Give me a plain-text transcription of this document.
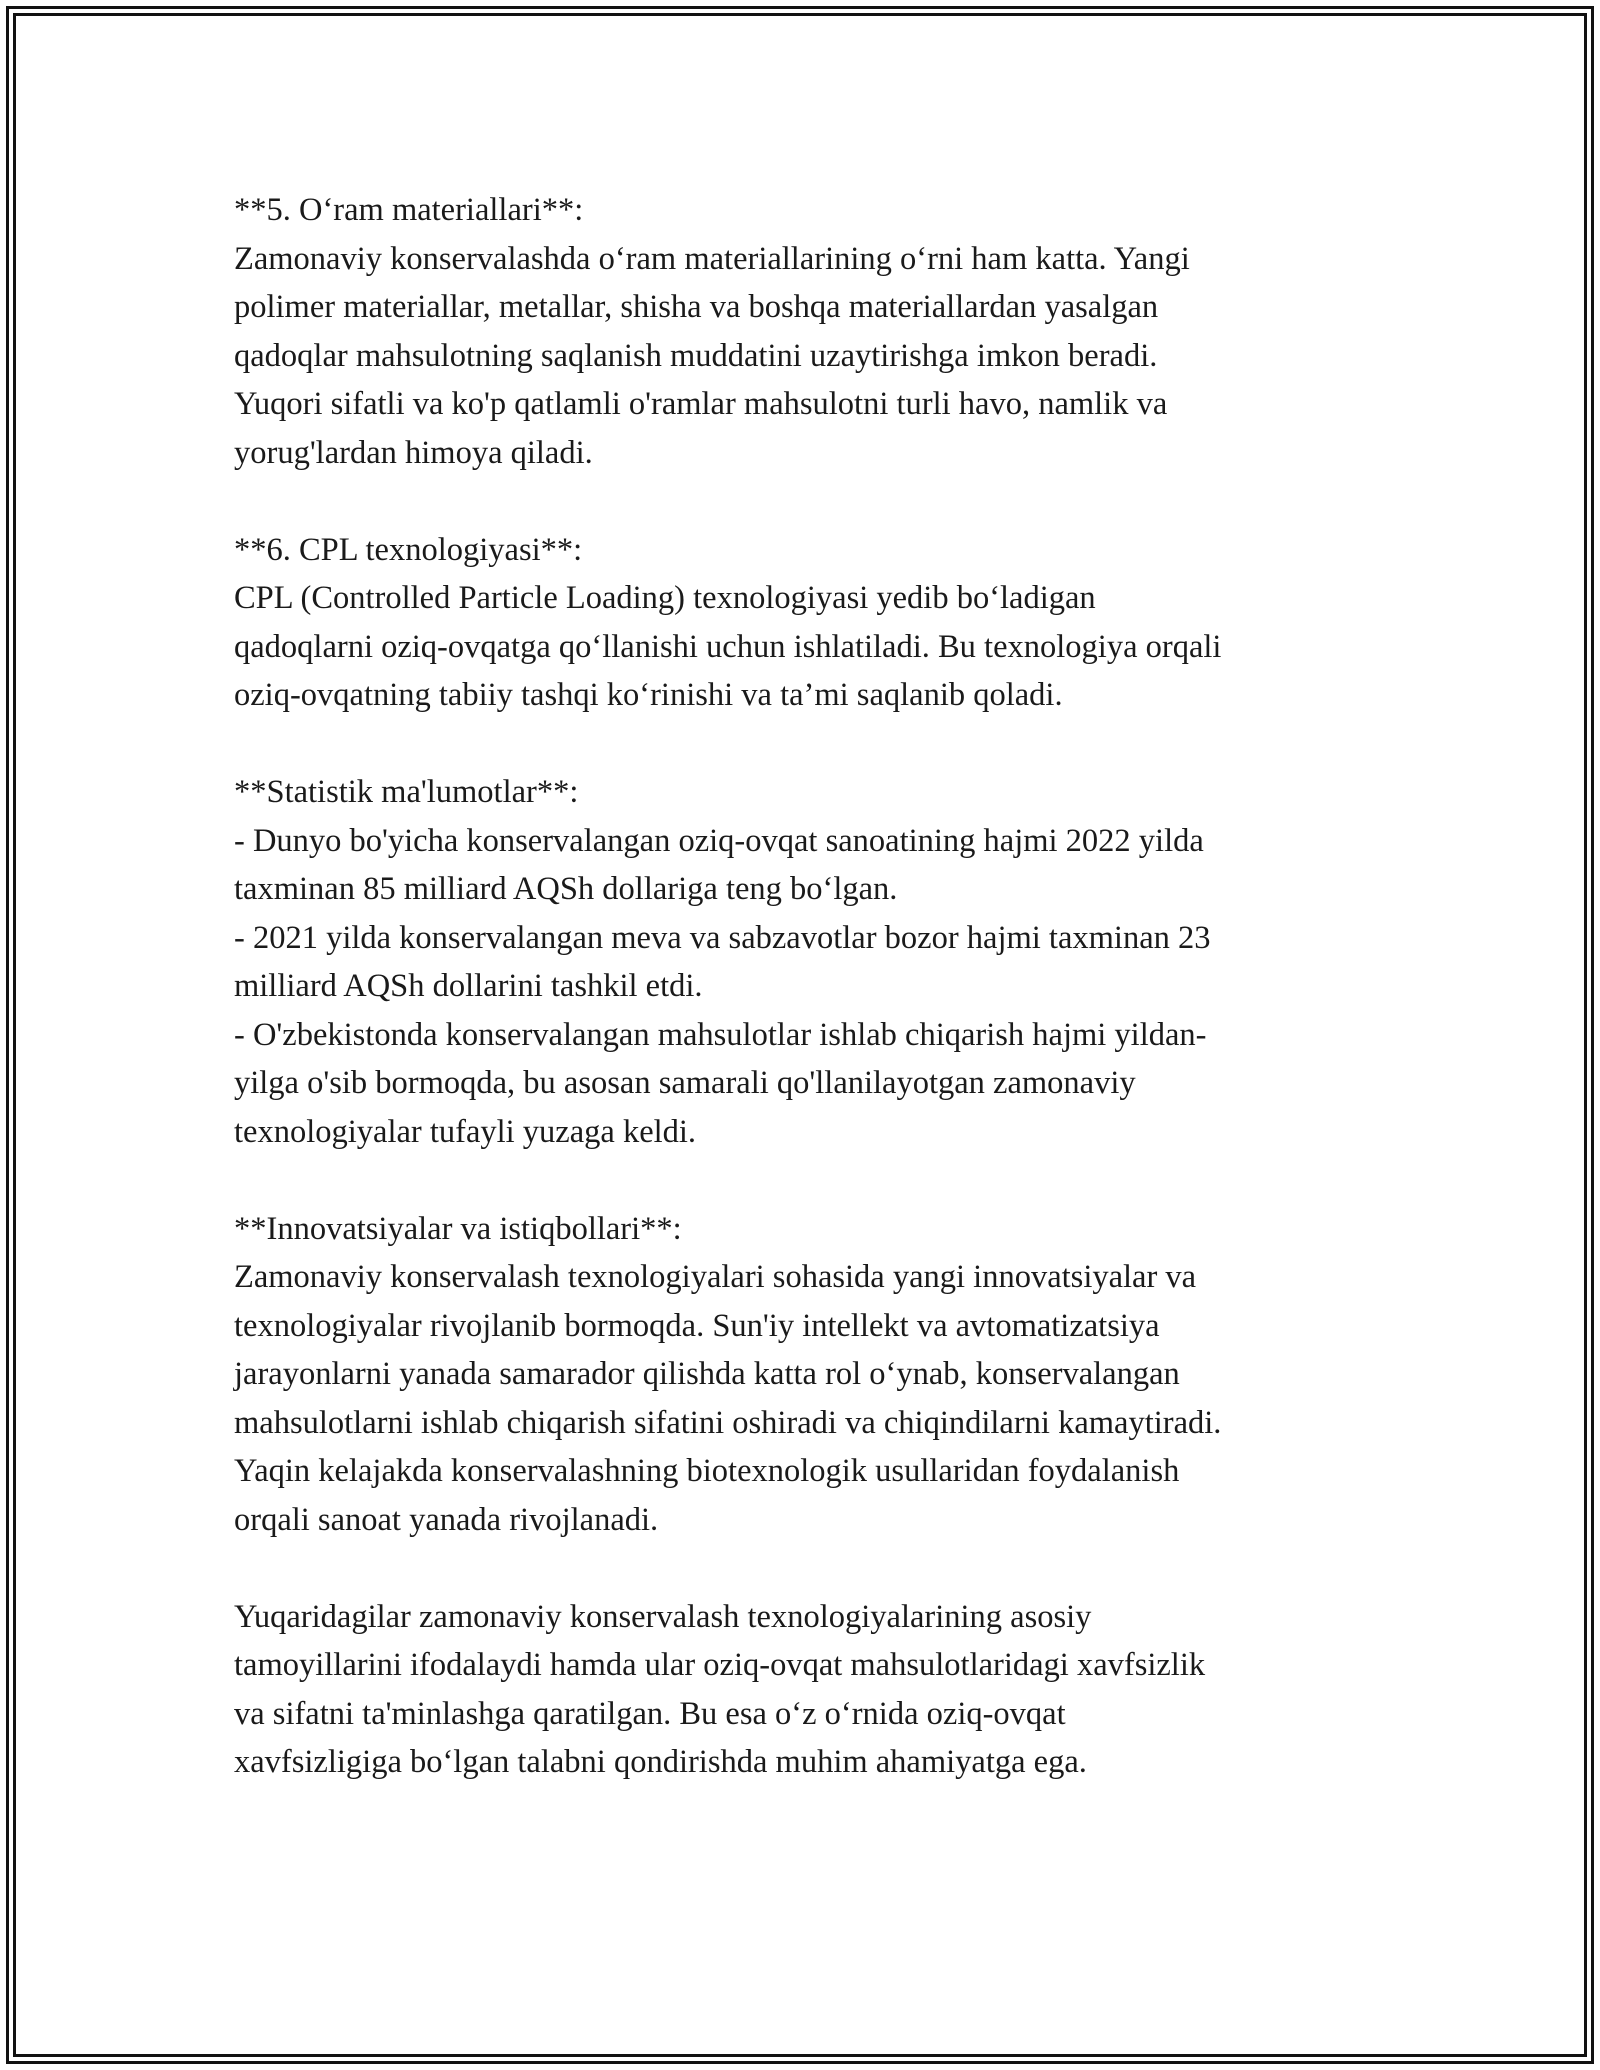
**5. O‘ram materiallari**:
Zamonaviy konservalashda o‘ram materiallarining o‘rni ham katta. Yangi
polimer materiallar, metallar, shisha va boshqa materiallardan yasalgan
qadoqlar mahsulotning saqlanish muddatini uzaytirishga imkon beradi.
Yuqori sifatli va ko'p qatlamli o'ramlar mahsulotni turli havo, namlik va
yorug'lardan himoya qiladi.
**6. CPL texnologiyasi**:
CPL (Controlled Particle Loading) texnologiyasi yedib bo‘ladigan
qadoqlarni oziq-ovqatga qo‘llanishi uchun ishlatiladi. Bu texnologiya orqali
oziq-ovqatning tabiiy tashqi ko‘rinishi va ta’mi saqlanib qoladi.
**Statistik ma'lumotlar**:
- Dunyo bo'yicha konservalangan oziq-ovqat sanoatining hajmi 2022 yilda
taxminan 85 milliard AQSh dollariga teng bo‘lgan.
- 2021 yilda konservalangan meva va sabzavotlar bozor hajmi taxminan 23
milliard AQSh dollarini tashkil etdi.
- O'zbekistonda konservalangan mahsulotlar ishlab chiqarish hajmi yildan-
yilga o'sib bormoqda, bu asosan samarali qo'llanilayotgan zamonaviy
texnologiyalar tufayli yuzaga keldi.
**Innovatsiyalar va istiqbollari**:
Zamonaviy konservalash texnologiyalari sohasida yangi innovatsiyalar va
texnologiyalar rivojlanib bormoqda. Sun'iy intellekt va avtomatizatsiya
jarayonlarni yanada samarador qilishda katta rol o‘ynab, konservalangan
mahsulotlarni ishlab chiqarish sifatini oshiradi va chiqindilarni kamaytiradi.
Yaqin kelajakda konservalashning biotexnologik usullaridan foydalanish
orqali sanoat yanada rivojlanadi.
Yuqaridagilar zamonaviy konservalash texnologiyalarining asosiy
tamoyillarini ifodalaydi hamda ular oziq-ovqat mahsulotlaridagi xavfsizlik
va sifatni ta'minlashga qaratilgan. Bu esa o‘z o‘rnida oziq-ovqat
xavfsizligiga bo‘lgan talabni qondirishda muhim ahamiyatga ega.
